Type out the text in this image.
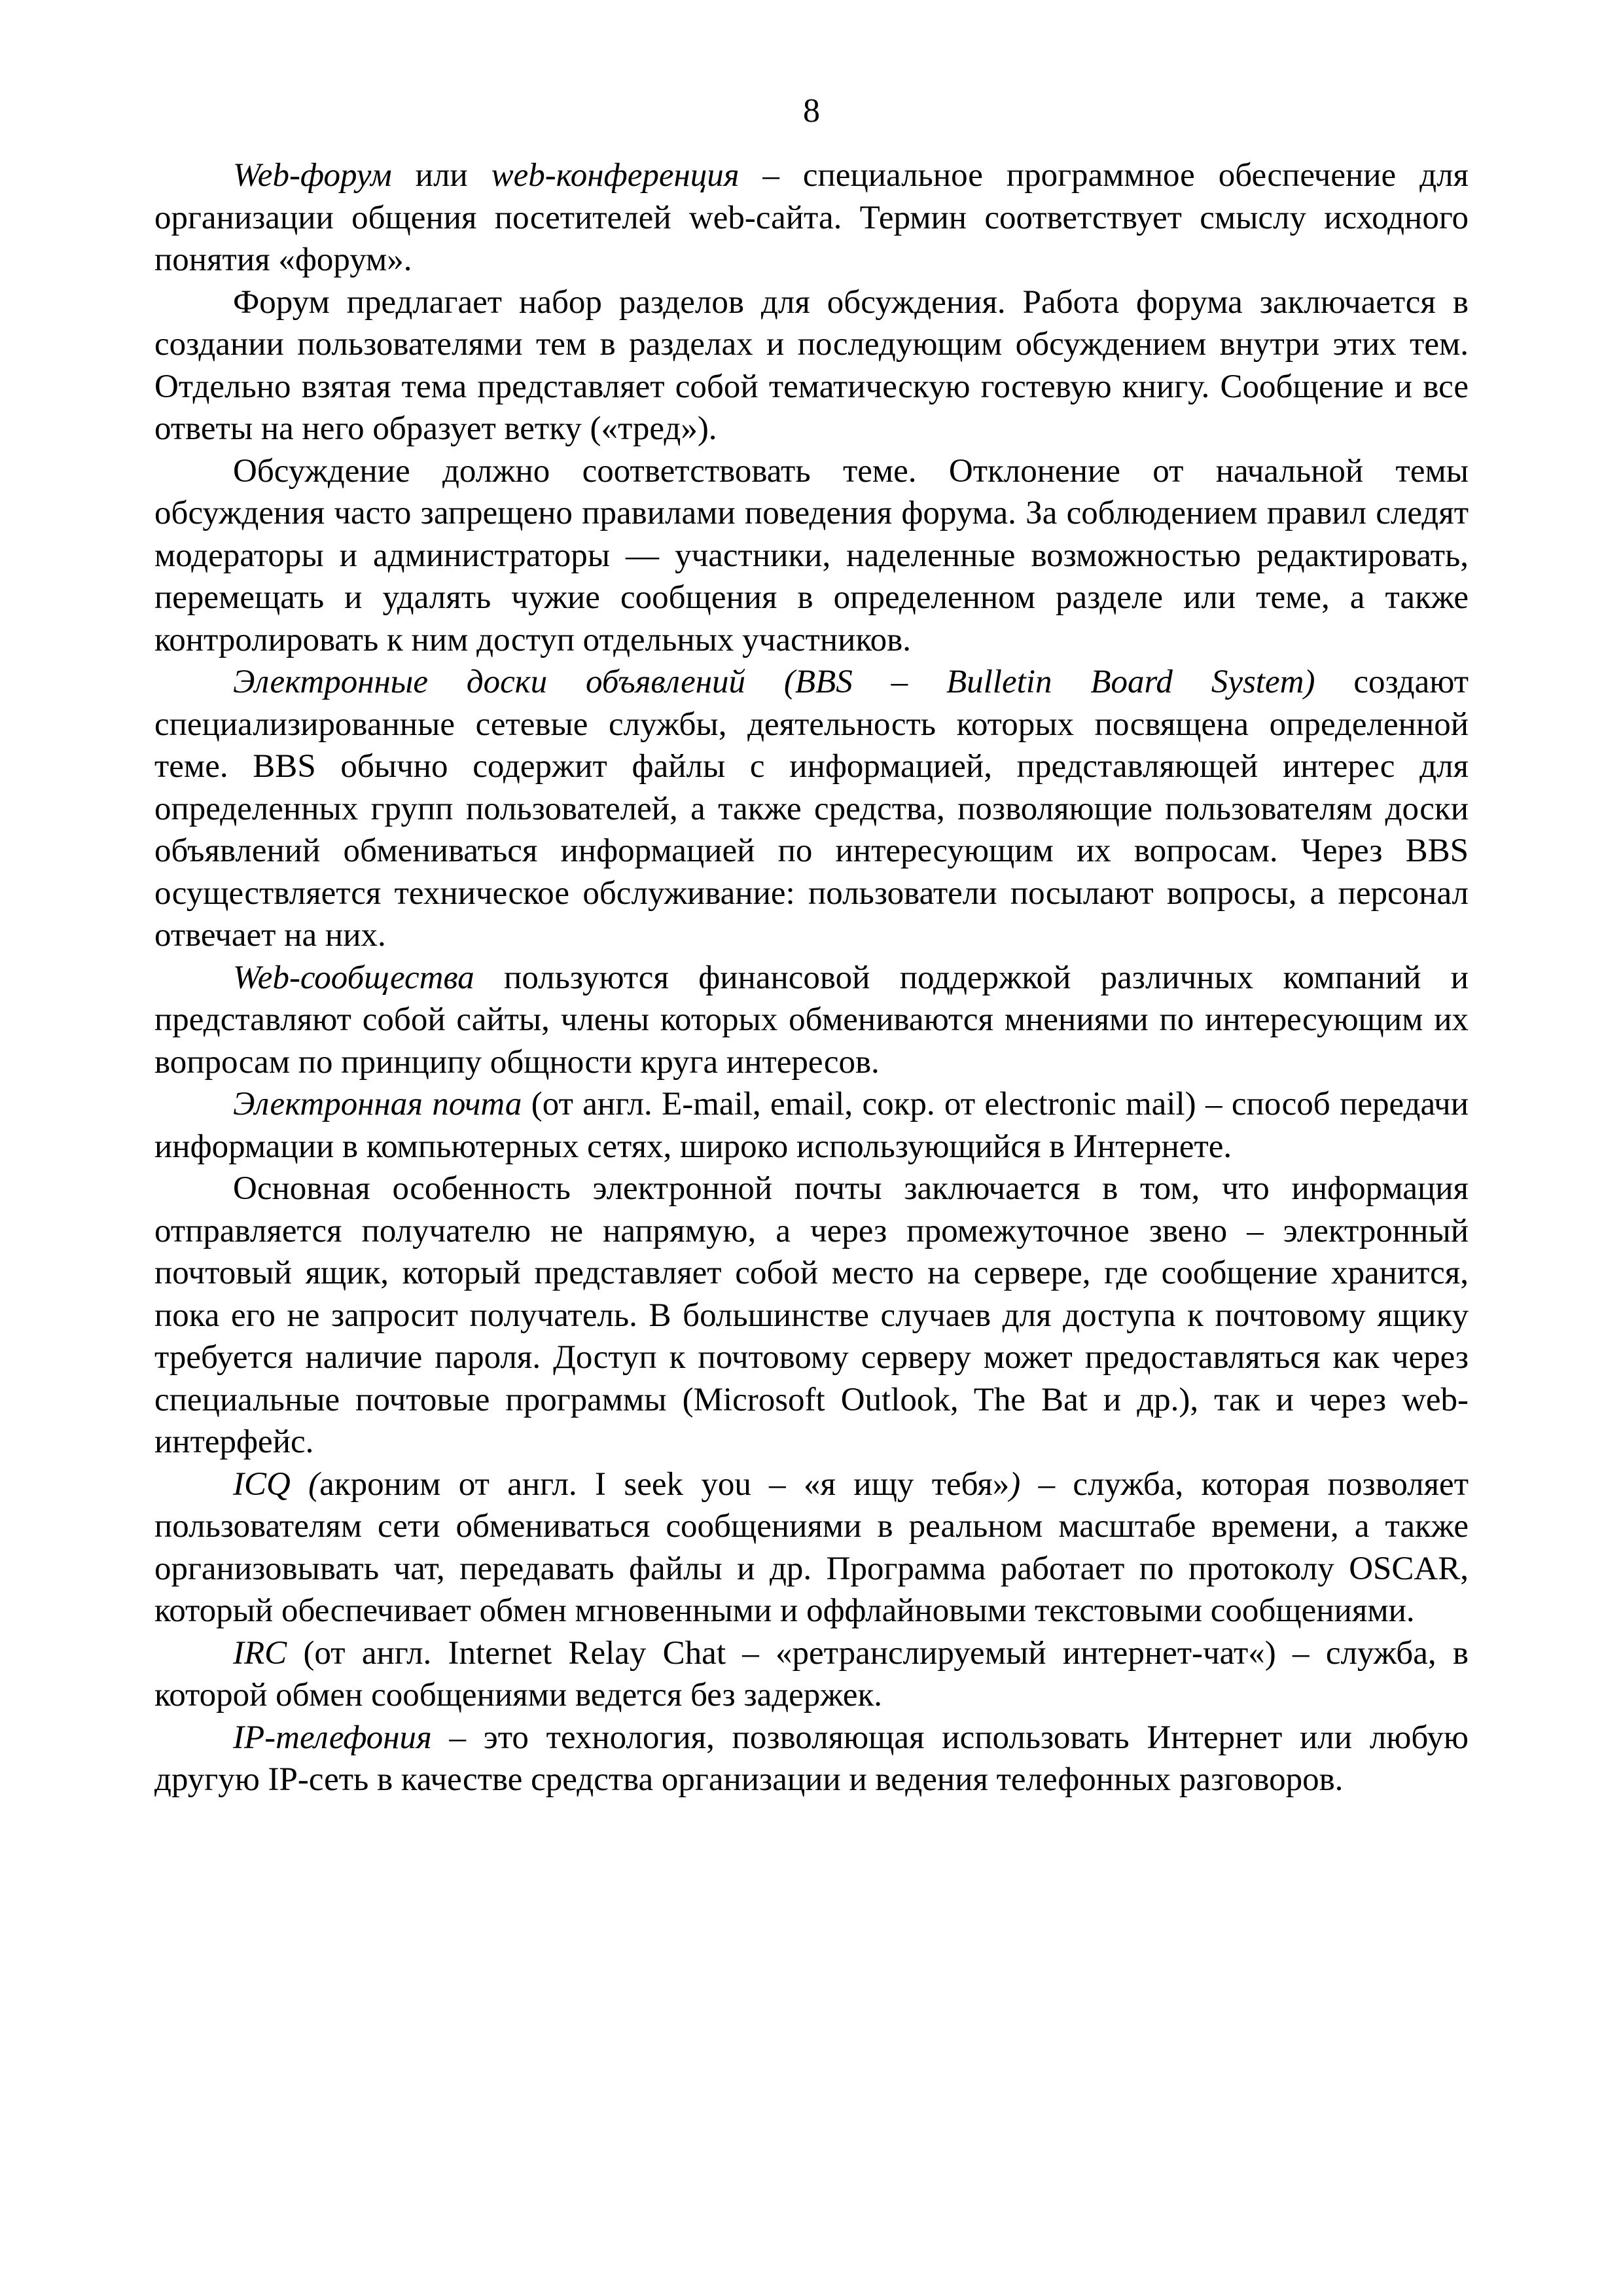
8

Web-форум или web-конференция – специальное программное обеспечение для организации общения посетителей web-сайта. Термин соответствует смыслу исходного понятия «форум».

Форум предлагает набор разделов для обсуждения. Работа форума заключается в создании пользователями тем в разделах и последующим обсуждением внутри этих тем. Отдельно взятая тема представляет собой тематическую гостевую книгу. Сообщение и все ответы на него образует ветку («тред»).

Обсуждение должно соответствовать теме. Отклонение от начальной темы обсуждения часто запрещено правилами поведения форума. За соблюдением правил следят модераторы и администраторы — участники, наделенные возможностью редактировать, перемещать и удалять чужие сообщения в определенном разделе или теме, а также контролировать к ним доступ отдельных участников.

Электронные доски объявлений (BBS – Bulletin Board System) создают специализированные сетевые службы, деятельность которых посвящена определенной теме. BBS обычно содержит файлы с информацией, представляющей интерес для определенных групп пользователей, а также средства, позволяющие пользователям доски объявлений обмениваться информацией по интересующим их вопросам. Через BBS осуществляется техническое обслуживание: пользователи посылают вопросы, а персонал отвечает на них.

Web-сообщества пользуются финансовой поддержкой различных компаний и представляют собой сайты, члены которых обмениваются мнениями по интересующим их вопросам по принципу общности круга интересов.

Электронная почта (от англ. E-mail, email, сокр. от electronic mail) – способ передачи информации в компьютерных сетях, широко использующийся в Интернете.

Основная особенность электронной почты заключается в том, что информация отправляется получателю не напрямую, а через промежуточное звено – электронный почтовый ящик, который представляет собой место на сервере, где сообщение хранится, пока его не запросит получатель. В большинстве случаев для доступа к почтовому ящику требуется наличие пароля. Доступ к почтовому серверу может предоставляться как через специальные почтовые программы (Microsoft Outlook, The Bat и др.), так и через web-интерфейс.

ICQ (акроним от англ. I seek you – «я ищу тебя») – служба, которая позволяет пользователям сети обмениваться сообщениями в реальном масштабе времени, а также организовывать чат, передавать файлы и др. Программа работает по протоколу OSCAR, который обеспечивает обмен мгновенными и оффлайновыми текстовыми сообщениями.

IRC (от англ. Internet Relay Chat – «ретранслируемый интернет-чат«) – служба, в которой обмен сообщениями ведется без задержек.

IP-телефония – это технология, позволяющая использовать Интернет или любую другую IP-сеть в качестве средства организации и ведения телефонных разговоров.
